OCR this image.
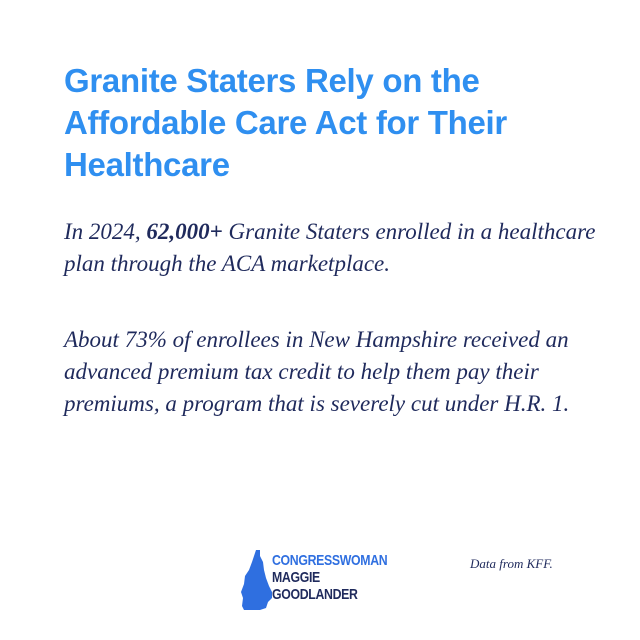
Granite Staters Rely on the Affordable Care Act for Their Healthcare

In 2024, 62,000+ Granite Staters enrolled in a healthcare plan through the ACA marketplace.

About 73% of enrollees in New Hampshire received an advanced premium tax credit to help them pay their premiums, a program that is severely cut under H.R. 1.

CONGRESSWOMAN
MAGGIE
GOODLANDER
Data from KFF.
